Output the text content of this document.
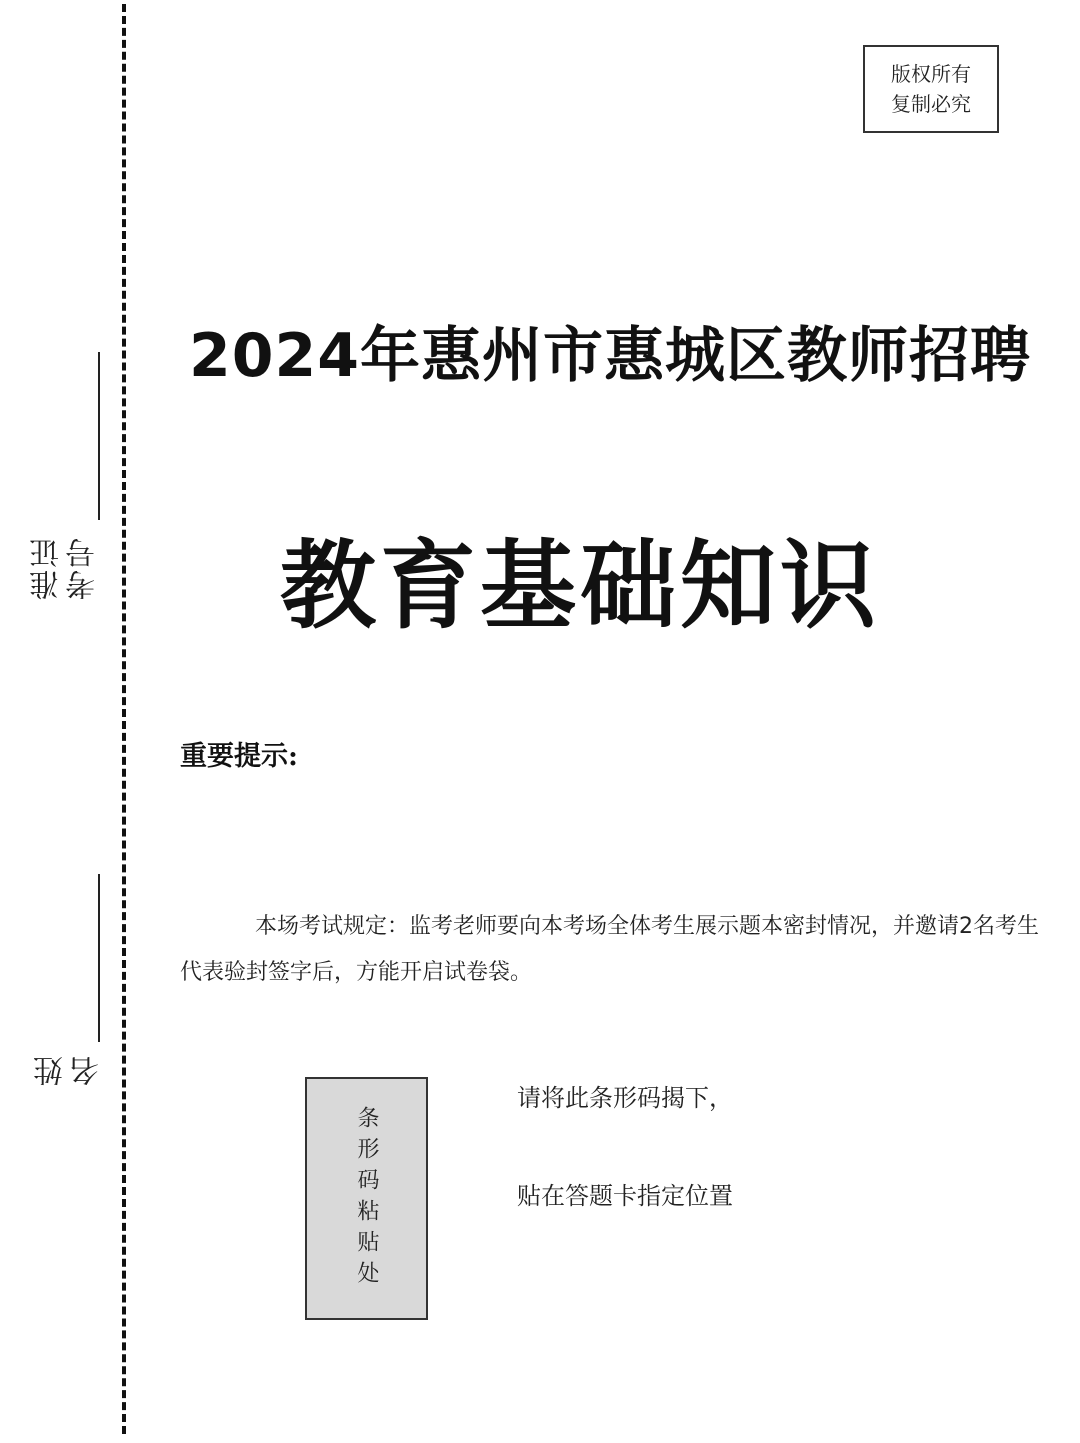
准证考号
姓名
版权所有
复制必究
2024年惠州市惠城区教师招聘
教育基础知识
重要提示:
本场考试规定：监考老师要向本考场全体考生展示题本密封情况，并邀请2名考生代表验封签字后，方能开启试卷袋。
条形码粘贴处
请将此条形码揭下，
贴在答题卡指定位置
